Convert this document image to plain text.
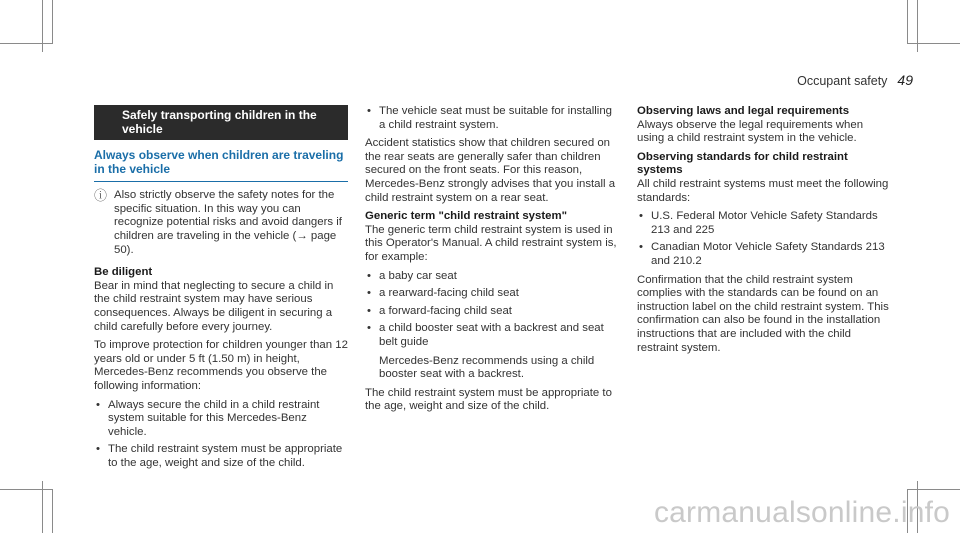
Occupant safety 49
Safely transporting children in the vehicle
Always observe when children are traveling in the vehicle
ⓘ Also strictly observe the safety notes for the specific situation. In this way you can recognize potential risks and avoid dangers if children are traveling in the vehicle (→ page 50).

Be diligent

Bear in mind that neglecting to secure a child in the child restraint system may have serious consequences. Always be diligent in securing a child carefully before every journey.

To improve protection for children younger than 12 years old or under 5 ft (1.50 m) in height, Mercedes-Benz recommends you observe the following information:

• Always secure the child in a child restraint system suitable for this Mercedes-Benz vehicle.
• The child restraint system must be appropriate to the age, weight and size of the child.
• The vehicle seat must be suitable for installing a child restraint system.

Accident statistics show that children secured on the rear seats are generally safer than children secured on the front seats. For this reason, Mercedes-Benz strongly advises that you install a child restraint system on a rear seat.

Generic term "child restraint system"

The generic term child restraint system is used in this Operator's Manual. A child restraint system is, for example:

• a baby car seat
• a rearward-facing child seat
• a forward-facing child seat
• a child booster seat with a backrest and seat belt guide

Mercedes-Benz recommends using a child booster seat with a backrest.

The child restraint system must be appropriate to the age, weight and size of the child.

Observing laws and legal requirements

Always observe the legal requirements when using a child restraint system in the vehicle.

Observing standards for child restraint systems

All child restraint systems must meet the following standards:

• U.S. Federal Motor Vehicle Safety Standards 213 and 225
• Canadian Motor Vehicle Safety Standards 213 and 210.2

Confirmation that the child restraint system complies with the standards can be found on an instruction label on the child restraint system. This confirmation can also be found in the installation instructions that are included with the child restraint system.

carmanualsonline.info
